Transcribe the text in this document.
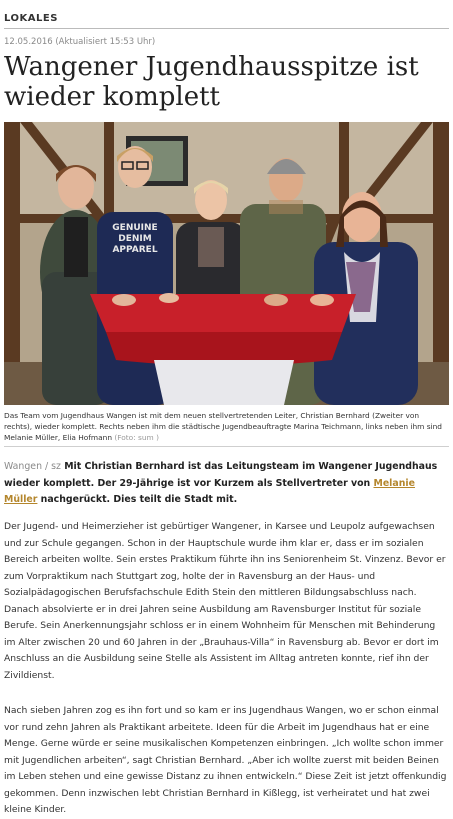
LOKALES
12.05.2016 (Aktualisiert 15:53 Uhr)
Wangener Jugendhausspitze ist wieder komplett
GENUINE
DENIM
APPAREL

Das Team vom Jugendhaus Wangen ist mit dem neuen stellvertretenden Leiter, Christian Bernhard (Zweiter von rechts), wieder komplett. Rechts neben ihm die städtische Jugendbeauftragte Marina Teichmann, links neben ihm sind Melanie Müller, Elia Hofmann (Foto: sum )

Wangen / sz Mit Christian Bernhard ist das Leitungsteam im Wangener Jugendhaus wieder komplett. Der 29-Jährige ist vor Kurzem als Stellvertreter von Melanie Müller nachgerückt. Dies teilt die Stadt mit.

Der Jugend- und Heimerzieher ist gebürtiger Wangener, in Karsee und Leupolz aufgewachsen und zur Schule gegangen. Schon in der Hauptschule wurde ihm klar er, dass er im sozialen Bereich arbeiten wollte. Sein erstes Praktikum führte ihn ins Seniorenheim St. Vinzenz. Bevor er zum Vorpraktikum nach Stuttgart zog, holte der in Ravensburg an der Haus- und Sozialpädagogischen Berufsfachschule Edith Stein den mittleren Bildungsabschluss nach. Danach absolvierte er in drei Jahren seine Ausbildung am Ravensburger Institut für soziale Berufe. Sein Anerkennungsjahr schloss er in einem Wohnheim für Menschen mit Behinderung im Alter zwischen 20 und 60 Jahren in der „Brauhaus-Villa“ in Ravensburg ab. Bevor er dort im Anschluss an die Ausbildung seine Stelle als Assistent im Alltag antreten konnte, rief ihn der Zivildienst.

Nach sieben Jahren zog es ihn fort und so kam er ins Jugendhaus Wangen, wo er schon einmal vor rund zehn Jahren als Praktikant arbeitete. Ideen für die Arbeit im Jugendhaus hat er eine Menge. Gerne würde er seine musikalischen Kompetenzen einbringen. „Ich wollte schon immer mit Jugendlichen arbeiten“, sagt Christian Bernhard. „Aber ich wollte zuerst mit beiden Beinen im Leben stehen und eine gewisse Distanz zu ihnen entwickeln.“ Diese Zeit ist jetzt offenkundig gekommen. Denn inzwischen lebt Christian Bernhard in Kißlegg, ist verheiratet und hat zwei kleine Kinder.
